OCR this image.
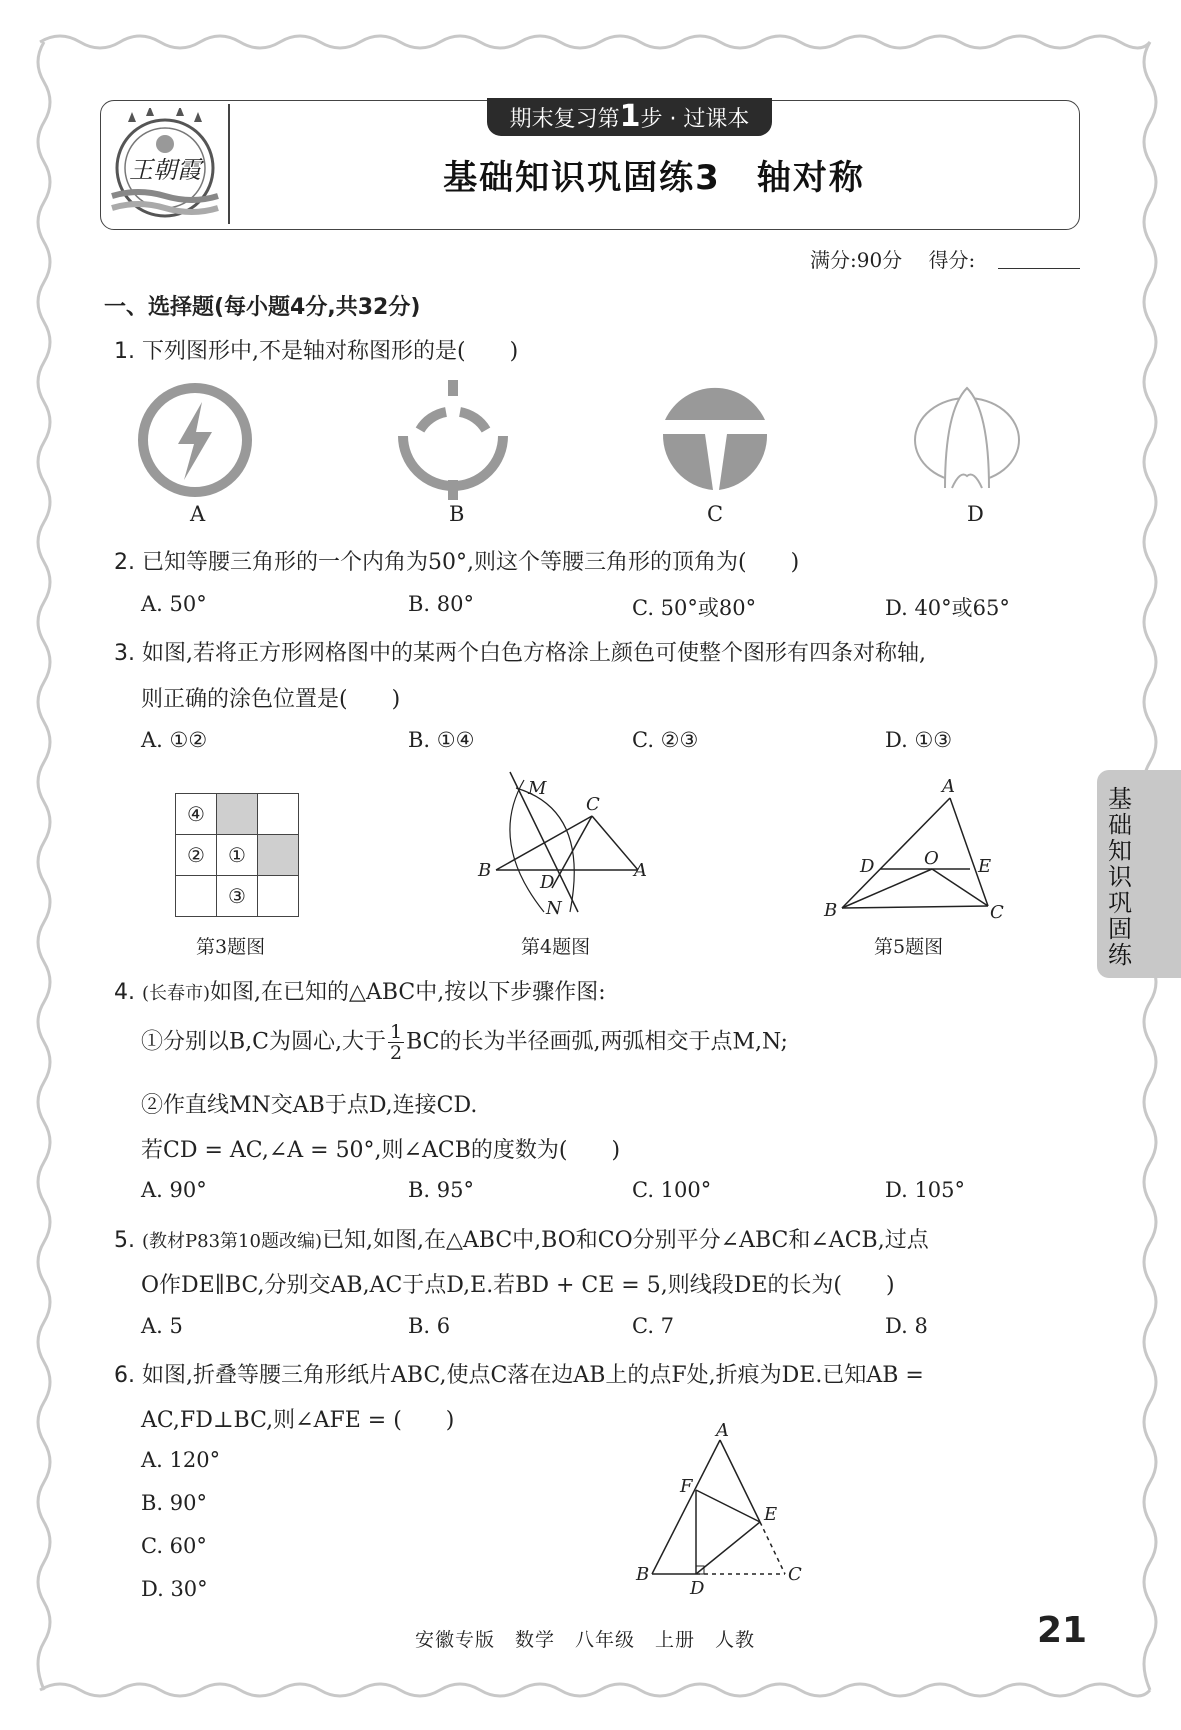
王朝霞
期末复习第1步 · 过课本
基础知识巩固练3　轴对称
满分:90分　 得分:
一、选择题(每小题4分,共32分)
1. 下列图形中,不是轴对称图形的是(　　)
A	B	C	D
2. 已知等腰三角形的一个内角为50°,则这个等腰三角形的顶角为(　　)
A. 50°	B. 80°	C. 50°或80°	D. 40°或65°
3. 如图,若将正方形网格图中的某两个白色方格涂上颜色可使整个图形有四条对称轴,
则正确的涂色位置是(　　)
A. ①②	B. ①④	C. ②③	D. ①③
④		
②	①	
	③	
第3题图
M
C
B
D
A
N
第4题图
A
D	O E
B	C
第5题图
4. (长春市)如图,在已知的△ABC中,按以下步骤作图:
①分别以B,C为圆心,大于 $\frac{1}{2}$ BC的长为半径画弧,两弧相交于点M,N;
②作直线MN交AB于点D,连接CD.
若CD = AC,∠A = 50°,则∠ACB的度数为(　　)
A. 90°	B. 95°	C. 100°	D. 105°
5. (教材P83第10题改编)已知,如图,在△ABC中,BO和CO分别平分∠ABC和∠ACB,过点
O作DE∥BC,分别交AB,AC于点D,E.若BD + CE = 5,则线段DE的长为(　　)
A. 5	B. 6	C. 7	D. 8
6. 如图,折叠等腰三角形纸片ABC,使点C落在边AB上的点F处,折痕为DE.已知AB =
AC,FD⊥BC,则∠AFE = (　　)
A. 120°
B. 90°
C. 60°
D. 30°
A
F
E
B
D
C
基础知识巩固练
安徽专版　数学　八年级　上册　人教	21
